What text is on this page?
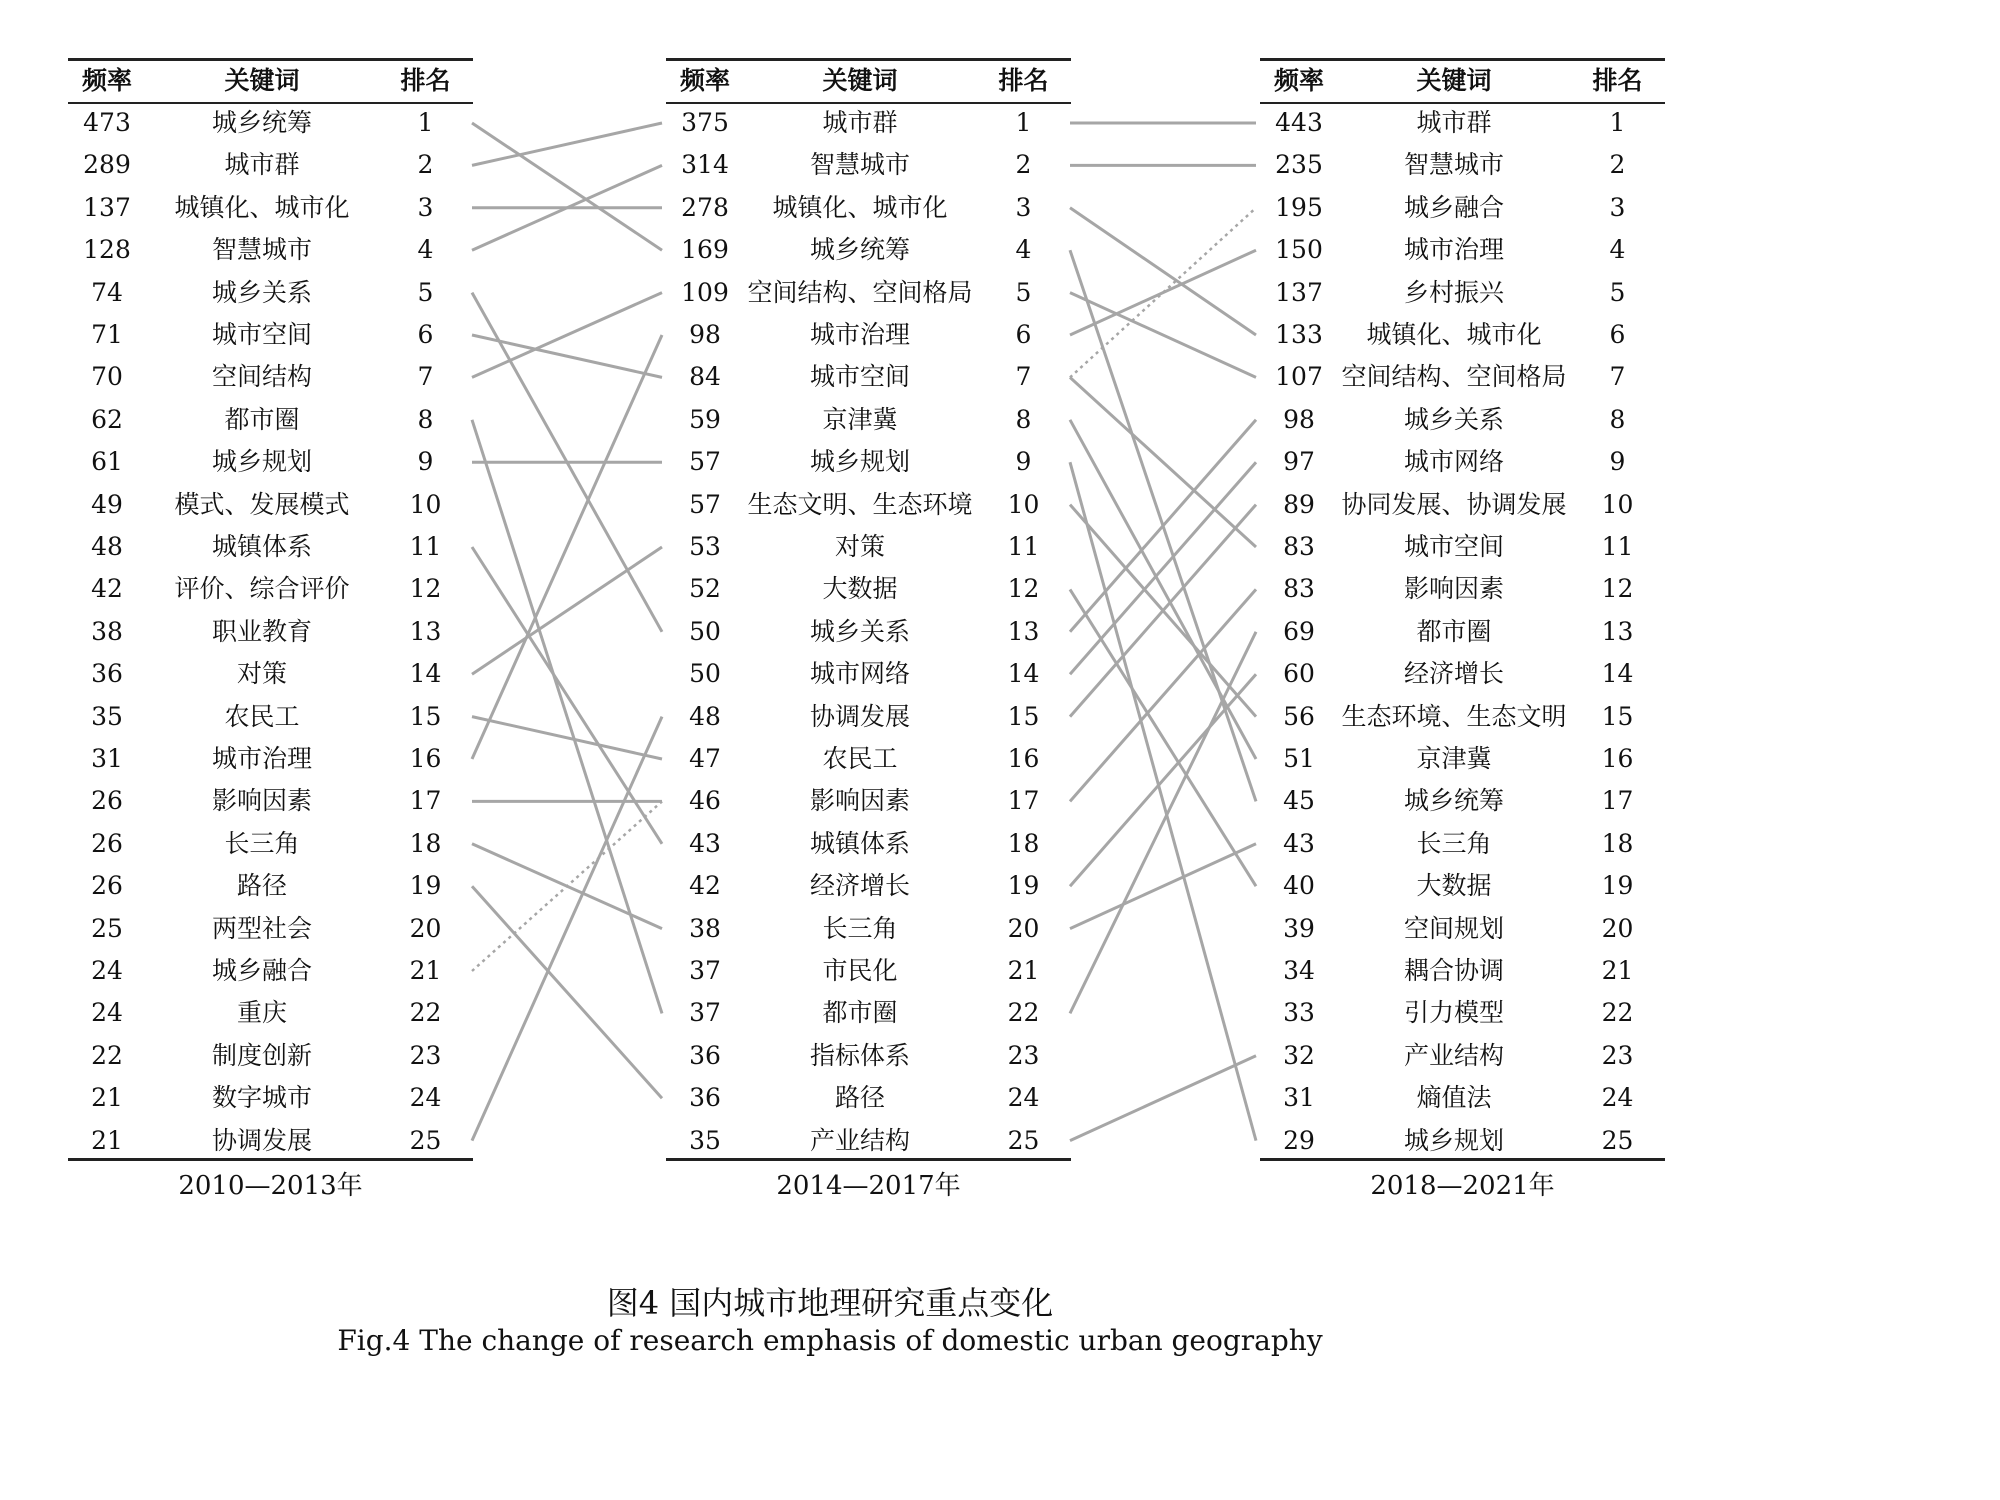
频率	关键词	排名
473	城乡统筹	1
289	城市群	2
137	城镇化、城市化	3
128	智慧城市	4
74	城乡关系	5
71	城市空间	6
70	空间结构	7
62	都市圈	8
61	城乡规划	9
49	模式、发展模式	10
48	城镇体系	11
42	评价、综合评价	12
38	职业教育	13
36	对策	14
35	农民工	15
31	城市治理	16
26	影响因素	17
26	长三角	18
26	路径	19
25	两型社会	20
24	城乡融合	21
24	重庆	22
22	制度创新	23
21	数字城市	24
21	协调发展	25
频率	关键词	排名
375	城市群	1
314	智慧城市	2
278	城镇化、城市化	3
169	城乡统筹	4
109 空间结构、空间格局	5
98	城市治理	6
84	城市空间	7
59	京津冀	8
57	城乡规划	9
57	生态文明、生态环境	10
53	对策	11
52	大数据	12
50	城乡关系	13
50	城市网络	14
48	协调发展	15
47	农民工	16
46	影响因素	17
43	城镇体系	18
42	经济增长	19
38	长三角	20
37	市民化	21
37	都市圈	22
36	指标体系	23
36	路径	24
35	产业结构	25
频率	关键词	排名
443	城市群	1
235	智慧城市	2
195	城乡融合	3
150	城市治理	4
137	乡村振兴	5
133	城镇化、城市化	6
107 空间结构、空间格局	7
98	城乡关系	8
97	城市网络	9
89	协同发展、协调发展	10
83	城市空间	11
83	影响因素	12
69	都市圈	13
60	经济增长	14
56	生态环境、生态文明	15
51	京津冀	16
45	城乡统筹	17
43	长三角	18
40	大数据	19
39	空间规划	20
34	耦合协调	21
33	引力模型	22
32	产业结构	23
31	熵值法	24
29	城乡规划	25
2010—2013年	2014—2017年	2018—2021年
图4 国内城市地理研究重点变化
Fig.4 The change of research emphasis of domestic urban geography
